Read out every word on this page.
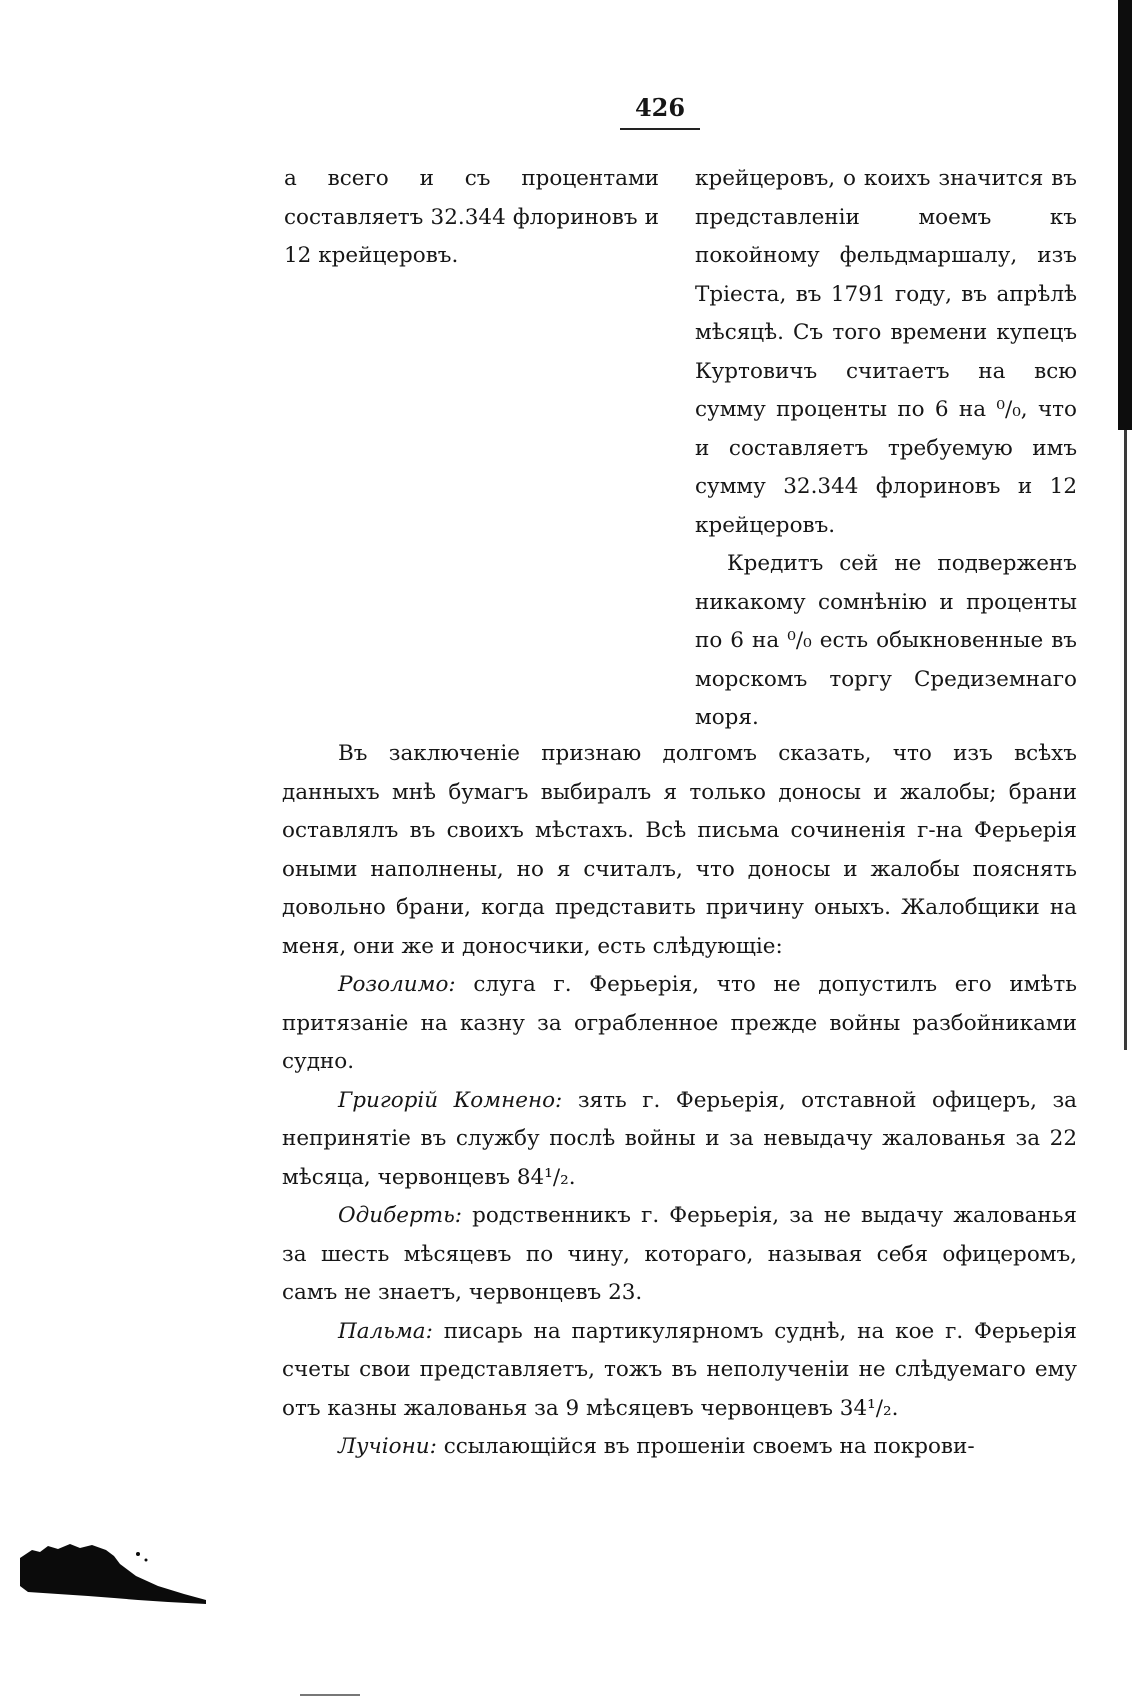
426
а всего и съ процентами составляетъ 32.344 флориновъ и 12 крейцеровъ.

крейцеровъ, о коихъ значится въ представленіи моемъ къ покойному фельдмаршалу, изъ Тріеста, въ 1791 году, въ апрѣлѣ мѣсяцѣ. Съ того времени купецъ Куртовичъ считаетъ на всю сумму проценты по 6 на ⁰/₀, что и составляетъ требуемую имъ сумму 32.344 флориновъ и 12 крейцеровъ.

Кредитъ сей не подверженъ никакому сомнѣнію и проценты по 6 на ⁰/₀ есть обыкновенные въ морскомъ торгу Средиземнаго моря.

Въ заключеніе признаю долгомъ сказать, что изъ всѣхъ данныхъ мнѣ бумагъ выбиралъ я только доносы и жалобы; брани оставлялъ въ своихъ мѣстахъ. Всѣ письма сочиненія г-на Ферьерія оными наполнены, но я считалъ, что доносы и жалобы пояснять довольно брани, когда представить причину оныхъ. Жалобщики на меня, они же и доносчики, есть слѣдующіе:

Розолимо: слуга г. Ферьерія, что не допустилъ его имѣть притязаніе на казну за ограбленное прежде войны разбойниками судно.

Григорій Комнено: зять г. Ферьерія, отставной офицеръ, за непринятіе въ службу послѣ войны и за невыдачу жалованья за 22 мѣсяца, червонцевъ 84¹/₂.

Одиберть: родственникъ г. Ферьерія, за не выдачу жалованья за шесть мѣсяцевъ по чину, котораго, называя себя офицеромъ, самъ не знаетъ, червонцевъ 23.

Пальма: писарь на партикулярномъ суднѣ, на кое г. Ферьерія счеты свои представляетъ, тожъ въ неполученіи не слѣдуемаго ему отъ казны жалованья за 9 мѣсяцевъ червонцевъ 34¹/₂.

Лучіони: ссылающійся въ прошеніи своемъ на покрови-
